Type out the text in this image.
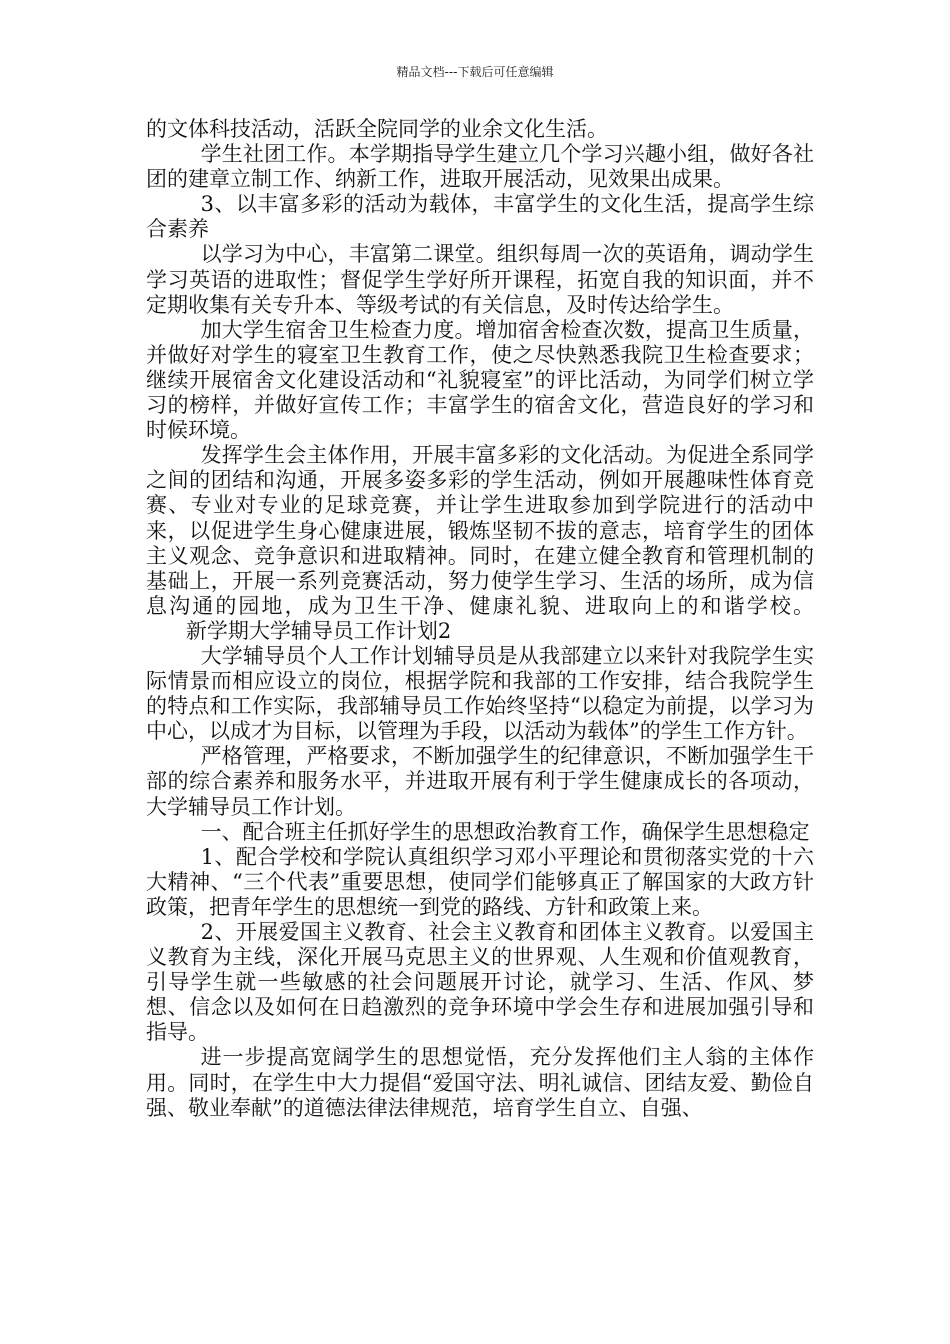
精品文档---下载后可任意编辑

的文体科技活动，活跃全院同学的业余文化生活。

学生社团工作。本学期指导学生建立几个学习兴趣小组，做好各社团的建章立制工作、纳新工作，进取开展活动，见效果出成果。

3、以丰富多彩的活动为载体，丰富学生的文化生活，提高学生综合素养

以学习为中心，丰富第二课堂。组织每周一次的英语角，调动学生学习英语的进取性；督促学生学好所开课程，拓宽自我的知识面，并不定期收集有关专升本、等级考试的有关信息，及时传达给学生。

加大学生宿舍卫生检查力度。增加宿舍检查次数，提高卫生质量，并做好对学生的寝室卫生教育工作，使之尽快熟悉我院卫生检查要求；继续开展宿舍文化建设活动和“礼貌寝室”的评比活动，为同学们树立学习的榜样，并做好宣传工作；丰富学生的宿舍文化，营造良好的学习和时候环境。

发挥学生会主体作用，开展丰富多彩的文化活动。为促进全系同学之间的团结和沟通，开展多姿多彩的学生活动，例如开展趣味性体育竞赛、专业对专业的足球竞赛，并让学生进取参加到学院进行的活动中来，以促进学生身心健康进展，锻炼坚韧不拔的意志，培育学生的团体主义观念、竞争意识和进取精神。同时，在建立健全教育和管理机制的基础上，开展一系列竞赛活动，努力使学生学习、生活的场所，成为信息沟通的园地，成为卫生干净、健康礼貌、进取向上的和谐学校。新学期大学辅导员工作计划2

大学辅导员个人工作计划辅导员是从我部建立以来针对我院学生实际情景而相应设立的岗位，根据学院和我部的工作安排，结合我院学生的特点和工作实际，我部辅导员工作始终坚持“以稳定为前提，以学习为中心，以成才为目标，以管理为手段，以活动为载体”的学生工作方针。

严格管理，严格要求，不断加强学生的纪律意识，不断加强学生干部的综合素养和服务水平，并进取开展有利于学生健康成长的各项动，大学辅导员工作计划。

一、配合班主任抓好学生的思想政治教育工作，确保学生思想稳定

1、配合学校和学院认真组织学习邓小平理论和贯彻落实党的十六大精神、“三个代表”重要思想，使同学们能够真正了解国家的大政方针政策，把青年学生的思想统一到党的路线、方针和政策上来。

2、开展爱国主义教育、社会主义教育和团体主义教育。以爱国主义教育为主线，深化开展马克思主义的世界观、人生观和价值观教育，引导学生就一些敏感的社会问题展开讨论，就学习、生活、作风、梦想、信念以及如何在日趋激烈的竞争环境中学会生存和进展加强引导和指导。

进一步提高宽阔学生的思想觉悟，充分发挥他们主人翁的主体作用。同时，在学生中大力提倡“爱国守法、明礼诚信、团结友爱、勤俭自强、敬业奉献”的道德法律法律规范，培育学生自立、自强、
